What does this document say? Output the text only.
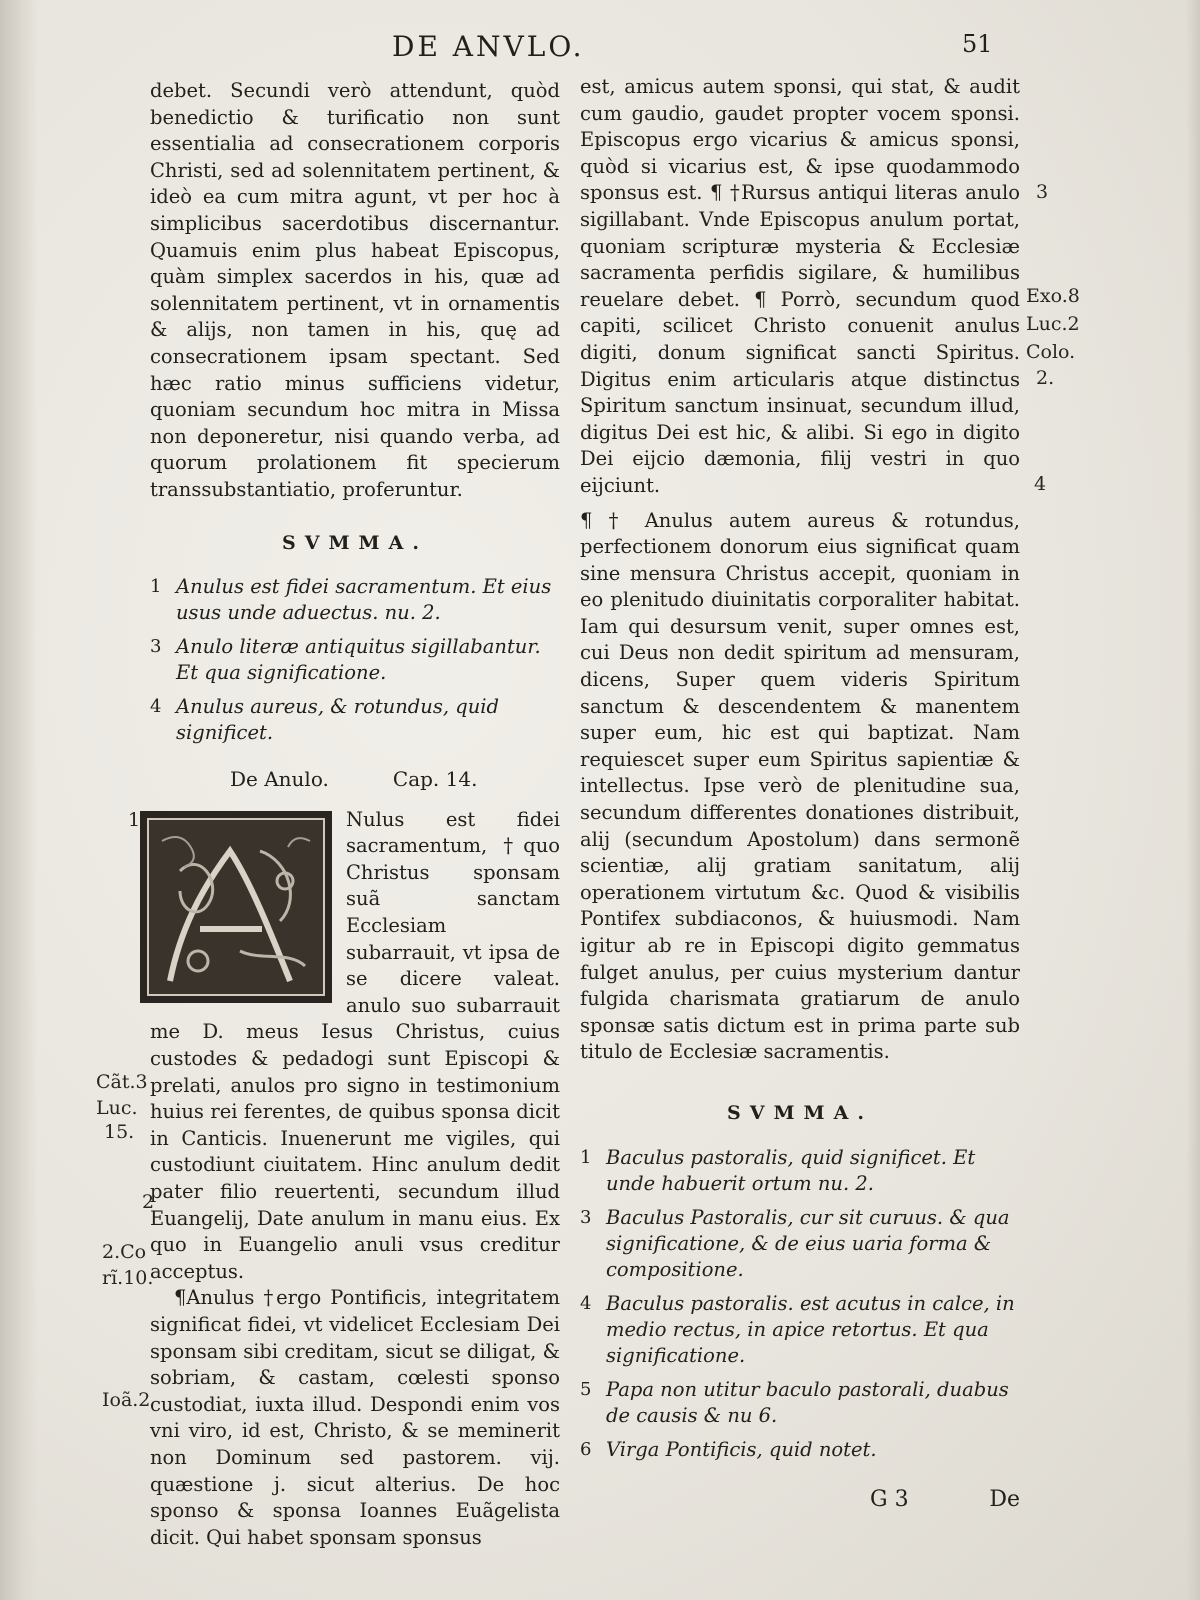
DE ANVLO.	51

debet. Secundi verò attendunt, quòd benedictio & turificatio non sunt essentialia ad consecrationem corporis Christi, sed ad solennitatem pertinent, & ideò ea cum mitra agunt, vt per hoc à simplicibus sacerdotibus discernantur. Quamuis enim plus habeat Episcopus, quàm simplex sacerdos in his, quæ ad solennitatem pertinent, vt in ornamentis & alijs, non tamen in his, quę ad consecrationem ipsam spectant. Sed hæc ratio minus sufficiens videtur, quoniam secundum hoc mitra in Missa non deponeretur, nisi quando verba, ad quorum prolationem fit specierum transsubstantiatio, proferuntur.

SVMMA.

1 Anulus est fidei sacramentum. Et eius usus unde aduectus. nu. 2.
3 Anulo literæ antiquitus sigillabantur. Et qua significatione.
4 Anulus aureus, & rotundus, quid significet.
De Anulo.	Cap. 14.

Nulus est fidei sacramentum, †quo Christus sponsam suã sanctam Ecclesiam subarrauit, vt ipsa de se dicere valeat. anulo suo subarrauit me D. meus Iesus Christus, cuius custodes & pedadogi sunt Episcopi & prelati, anulos pro signo in testimonium huius rei ferentes, de quibus sponsa dicit in Canticis. Inuenerunt me vigiles, qui custodiunt ciuitatem. Hinc anulum dedit pater filio reuertenti, secundum illud Euangelij, Date anulum in manu eius. Ex quo in Euangelio anuli vsus creditur acceptus.

¶Anulus †ergo Pontificis, integritatem significat fidei, vt videlicet Ecclesiam Dei sponsam sibi creditam, sicut se diligat, & sobriam, & castam, cœlesti sponso custodiat, iuxta illud. Despondi enim vos vni viro, id est, Christo, & se meminerit non Dominum sed pastorem. vij. quæstione j. sicut alterius. De hoc sponso & sponsa Ioannes Euãgelista dicit. Qui habet sponsam sponsus

1
Cãt.3
Luc.
15.
2
2.Co
rĩ.10.
Ioã.2

est, amicus autem sponsi, qui stat, & audit cum gaudio, gaudet propter vocem sponsi. Episcopus ergo vicarius & amicus sponsi, quòd si vicarius est, & ipse quodammodo sponsus est. ¶ †Rursus antiqui literas anulo sigillabant. Vnde Episcopus anulum portat, quoniam scripturæ mysteria & Ecclesiæ sacramenta perfidis sigilare, & humilibus reuelare debet. ¶ Porrò, secundum quod capiti, scilicet Christo conuenit anulus digiti, donum significat sancti Spiritus. Digitus enim articularis atque distinctus Spiritum sanctum insinuat, secundum illud, digitus Dei est hic, & alibi. Si ego in digito Dei eijcio dæmonia, filij vestri in quo eijciunt.

¶ † Anulus autem aureus & rotundus, perfectionem donorum eius significat quam sine mensura Christus accepit, quoniam in eo plenitudo diuinitatis corporaliter habitat. Iam qui desursum venit, super omnes est, cui Deus non dedit spiritum ad mensuram, dicens, Super quem videris Spiritum sanctum & descendentem & manentem super eum, hic est qui baptizat. Nam requiescet super eum Spiritus sapientiæ & intellectus. Ipse verò de plenitudine sua, secundum differentes donationes distribuit, alij (secundum Apostolum) dans sermonẽ scientiæ, alij gratiam sanitatum, alij operationem virtutum &c. Quod & visibilis Pontifex subdiaconos, & huiusmodi. Nam igitur ab re in Episcopi digito gemmatus fulget anulus, per cuius mysterium dantur fulgida charismata gratiarum de anulo sponsæ satis dictum est in prima parte sub titulo de Ecclesiæ sacramentis.

SVMMA.

1 Baculus pastoralis, quid significet. Et unde habuerit ortum nu. 2.
3 Baculus Pastoralis, cur sit curuus. & qua significatione, & de eius uaria forma & compositione.
4 Baculus pastoralis. est acutus in calce, in medio rectus, in apice retortus. Et qua significatione.
5 Papa non utitur baculo pastorali, duabus de causis & nu 6.
6 Virga Pontificis, quid notet.
G 3	De
3
Exo.8
Luc.2
Colo.
2.
4
